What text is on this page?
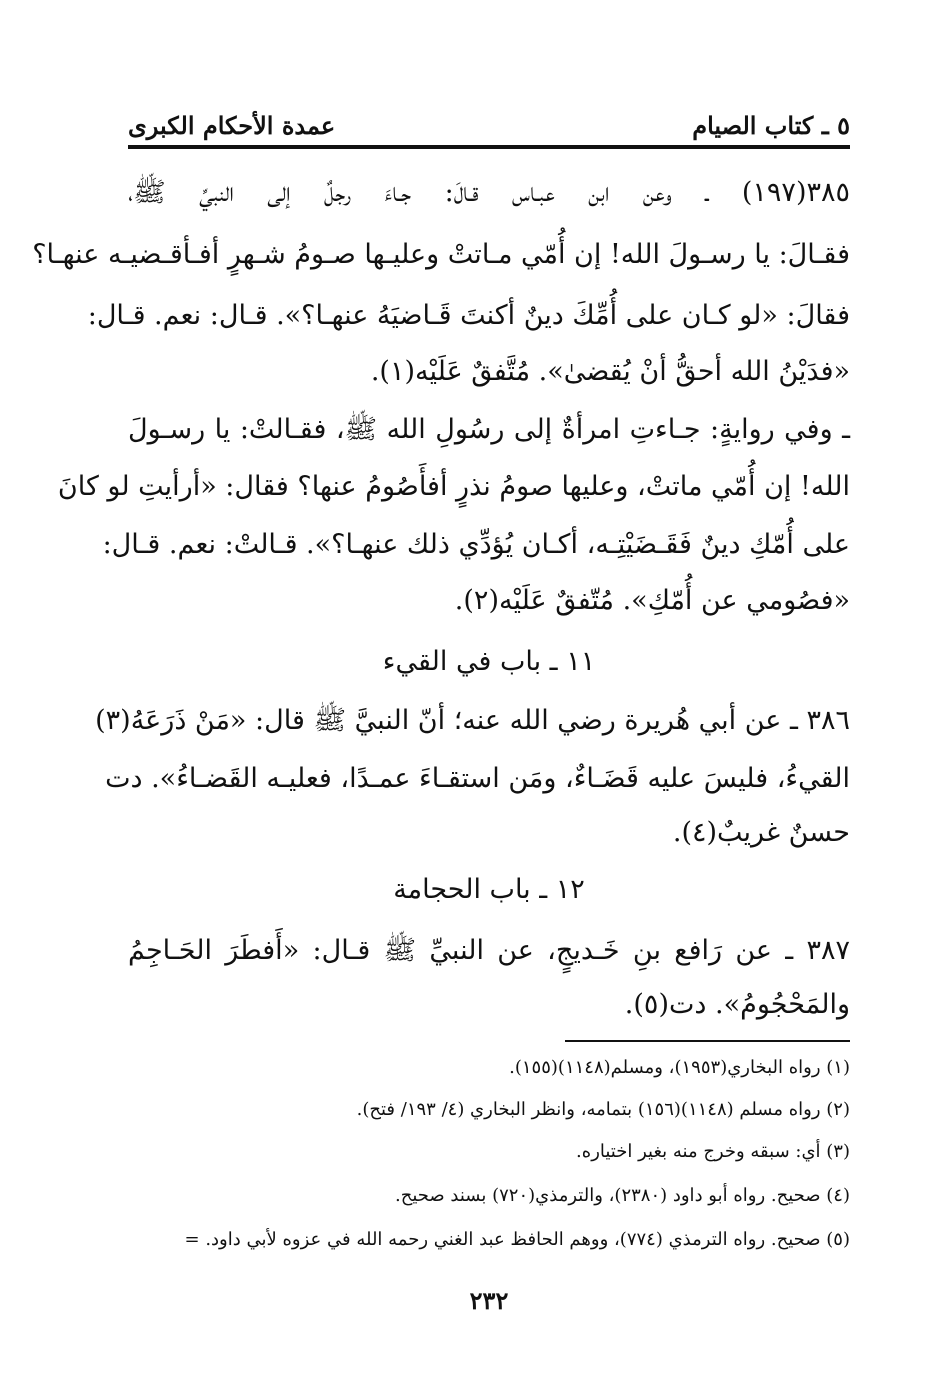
٥ ـ كتاب الصيام
عمدة الأحكام الكبرى
٣٨٥(١٩٧) ـ وعن ابن عبـاس قـالَ: جـاءَ رجلٌ إلى النبيِّ ﷺ،
فقـالَ: يا رسـولَ الله! إن أُمّي مـاتتْ وعليـها صـومُ شـهرٍ أفـأقـضيـه عنهـا؟
فقالَ: «لو كـان على أُمِّكَ دينٌ أكنتَ قَـاضيَهُ عنهـا؟». قـال: نعم. قـال:
«فدَيْنُ الله أحقُّ أنْ يُقضىٰ». مُتَّفقٌ عَلَيْه(١).
ـ وفي روايةٍ: جـاءتِ امرأةٌ إلى رسُولِ الله ﷺ، فقـالتْ: يا رسـولَ
الله! إن أُمّي ماتتْ، وعليها صومُ نذرٍ أفأَصُومُ عنها؟ فقال: «أرأيتِ لو كانَ
على أُمّكِ دينٌ فَقَـضَيْتِـه، أكـان يُؤدِّي ذلك عنهـا؟». قـالتْ: نعم. قـال:
«فصُومي عن أُمّكِ». مُتّفقٌ عَلَيْه(٢).
١١ ـ باب في القيء
٣٨٦ ـ عن أبي هُريرة رضي الله عنه؛ أنّ النبيَّ ﷺ قال: «مَنْ ذَرَعَهُ(٣)
القيءُ، فليسَ عليه قَضَـاءٌ، ومَن استقـاءَ عمـدًا، فعليـه القَضـاءُ». دت
حسنٌ غريبٌ(٤).
١٢ ـ باب الحجامة
٣٨٧ ـ عن رَافع بنِ خَـديجٍ، عن النبيِّ ﷺ قـال: «أَفطَرَ الحَـاجِمُ
والمَحْجُومُ». دت(٥).
(١) رواه البخاري(١٩٥٣)، ومسلم(١١٤٨)(١٥٥).
(٢) رواه مسلم (١١٤٨)(١٥٦) بتمامه، وانظر البخاري (٤/ ١٩٣/ فتح).
(٣) أي: سبقه وخرج منه بغير اختياره.
(٤) صحيح. رواه أبو داود (٢٣٨٠)، والترمذي(٧٢٠) بسند صحيح.
(٥) صحيح. رواه الترمذي (٧٧٤)، ووهم الحافظ عبد الغني رحمه الله في عزوه لأبي داود. =
٢٣٢
